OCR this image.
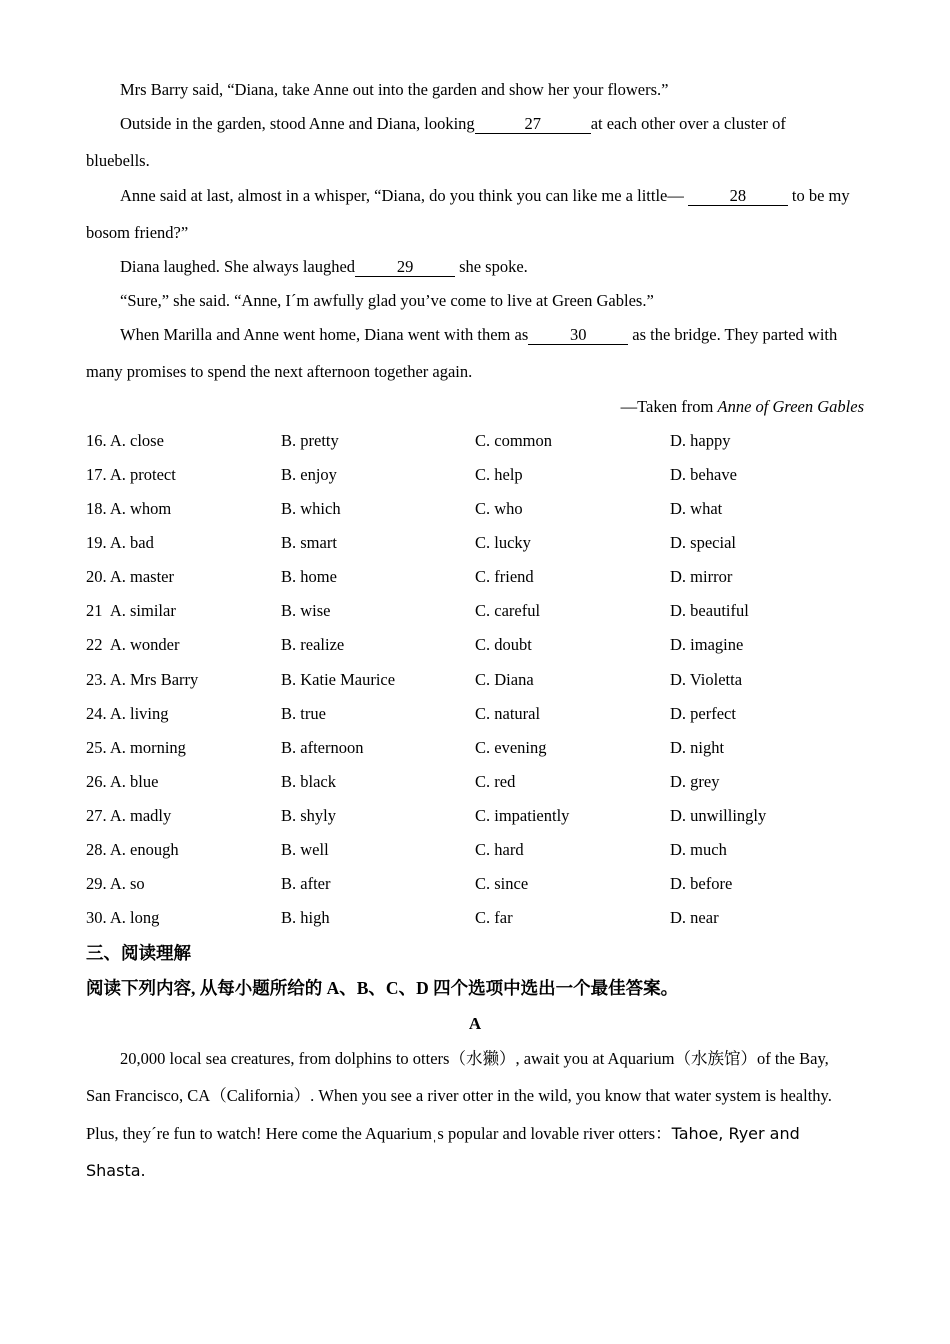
Mrs Barry said, “Diana, take Anne out into the garden and show her your flowers.”
Outside in the garden, stood Anne and Diana, looking	27	at each other over a cluster of
bluebells.
Anne said at last, almost in a whisper, “Diana, do you think you can like me a little—	28	to be my
bosom friend?”
Diana laughed. She always laughed	29	she spoke.
“Sure,” she said. “Anne, Iˊm awfully glad you’ve come to live at Green Gables.”
When Marilla and Anne went home, Diana went with them as	30	as the bridge. They parted with
many promises to spend the next afternoon together again.
—Taken from Anne of Green Gables
16. A. close	B. pretty	C. common	D. happy
17. A. protect	B. enjoy	C. help	D. behave
18. A. whom	B. which	C. who	D. what
19. A. bad	B. smart	C. lucky	D. special
20. A. master	B. home	C. friend	D. mirror
21  A. similar	B. wise	C. careful	D. beautiful
22  A. wonder	B. realize	C. doubt	D. imagine
23. A. Mrs Barry	B. Katie Maurice	C. Diana	D. Violetta
24. A. living	B. true	C. natural	D. perfect
25. A. morning	B. afternoon	C. evening	D. night
26. A. blue	B. black	C. red	D. grey
27. A. madly	B. shyly	C. impatiently	D. unwillingly
28. A. enough	B. well	C. hard	D. much
29. A. so	B. after	C. since	D. before
30. A. long	B. high	C. far	D. near
三、阅读理解
阅读下列内容, 从每小题所给的 A、B、C、D 四个选项中选出一个最佳答案。
A
20,000 local sea creatures, from dolphins to otters（水獭）, await you at Aquarium（水族馆）of the Bay,
San Francisco, CA（California）. When you see a river otter in the wild, you know that water system is healthy.
Plus, theyˊre fun to watch! Here come the Aquariumˌs popular and lovable river otters：Tahoe, Ryer and
Shasta.
